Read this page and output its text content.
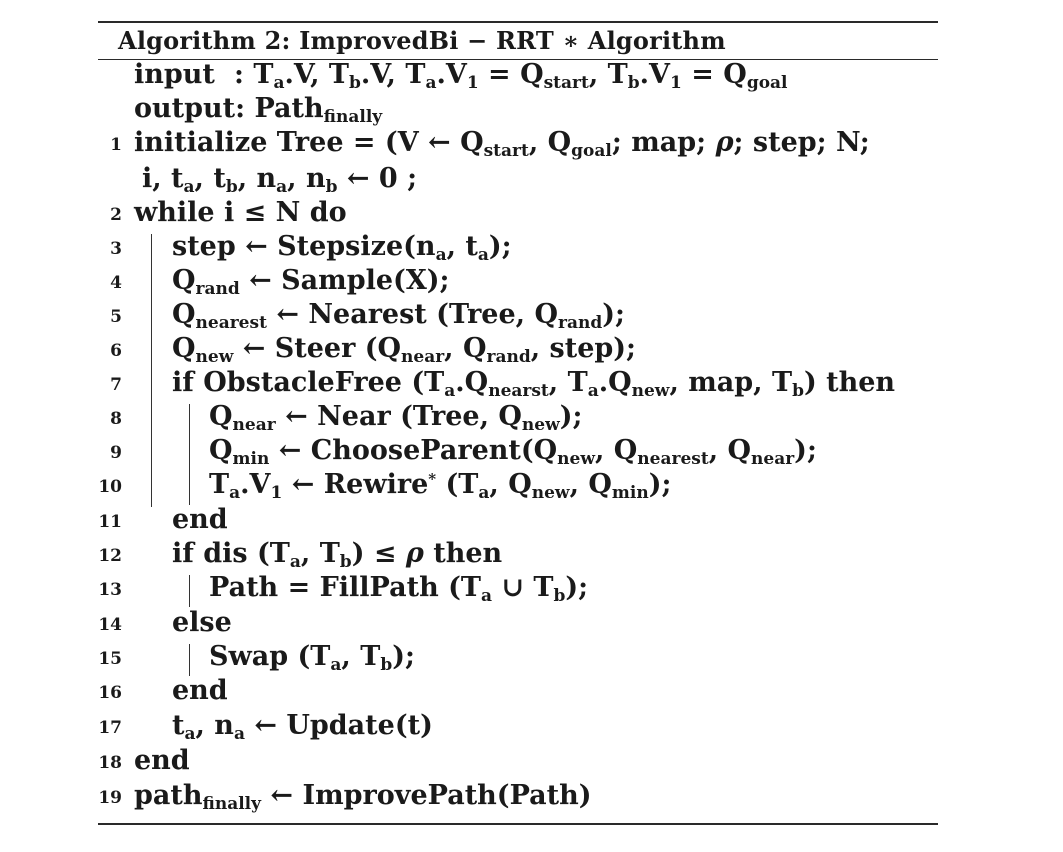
Algorithm 2: ImprovedBi − RRT ∗ Algorithm
input : $T_a.V$, $T_b.V$, $T_a.V_1 = Q_{start}$, $T_b.V_1 = Q_{goal}$
output: Path$_{finally}$
1 initialize Tree = (V ← $Q_{start}$, $Q_{goal}$; map; ρ; step; N;
i, $t_a$, $t_b$, $n_a$, $n_b$ ← 0 ;
2 while i ≤ N do
3 step ← $Stepsize(n_a$, $t_a$);
4 $Q_{rand}$ ← Sample(X);
5 $Q_{nearest}$ ← Nearest (Tree, $Q_{rand}$);
6 $Q_{new}$ ← Steer ($Q_{near}$, $Q_{rand}$, step);
7 if ObstacleFree ($T_a.Q_{nearst}$, $T_a.Q_{new}$, map, $T_b$) then
8	$Q_{near}$ ← Near (Tree, $Q_{new}$);
9	$Q_{min}$ ← $ChooseParent(Q_{new}$, $Q_{nearest}$, $Q_{near}$);
10	$T_a.V_1$ ← Rewire* ($T_a$, $Q_{new}$, $Q_{min}$);
11 end
12 if dis ($T_a$, $T_b) \le \rho$ then
13	Path = FillPath ($T_a$ ∪ $T_b$);
14 else
15	Swap ($T_a$, $T_b$);
16 end
17 $t_a$, $n_a$ ← Update(t)
18 end
19 path$_{finally}$ ← ImprovePath(Path)
